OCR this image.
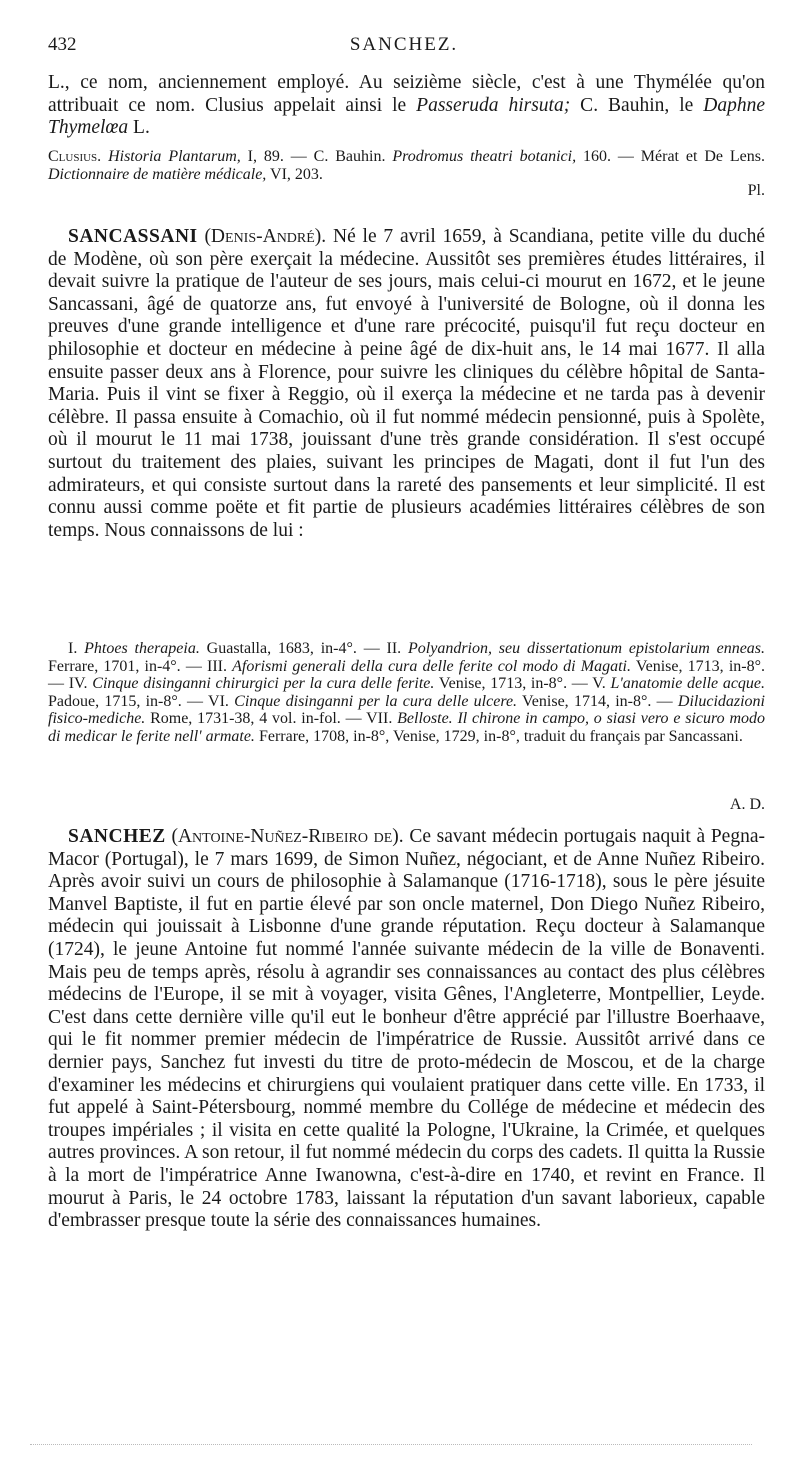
432	SANCHEZ.
L., ce nom, anciennement employé. Au seizième siècle, c'est à une Thymélée qu'on attribuait ce nom. Clusius appelait ainsi le Passeruda hirsuta; C. Bauhin, le Daphne Thymelœa L.
Clusius. Historia Plantarum, I, 89. — C. Bauhin. Prodromus theatri botanici, 160. — Mérat et De Lens. Dictionnaire de matière médicale, VI, 203.
Pl.
SANCASSANI (Denis-André). Né le 7 avril 1659, à Scandiana, petite ville du duché de Modène, où son père exerçait la médecine. Aussitôt ses premières études littéraires, il devait suivre la pratique de l'auteur de ses jours, mais celui-ci mourut en 1672, et le jeune Sancassani, âgé de quatorze ans, fut envoyé à l'université de Bologne, où il donna les preuves d'une grande intelligence et d'une rare précocité, puisqu'il fut reçu docteur en philosophie et docteur en médecine à peine âgé de dix-huit ans, le 14 mai 1677. Il alla ensuite passer deux ans à Florence, pour suivre les cliniques du célèbre hôpital de Santa-Maria. Puis il vint se fixer à Reggio, où il exerça la médecine et ne tarda pas à devenir célèbre. Il passa ensuite à Comachio, où il fut nommé médecin pensionné, puis à Spolète, où il mourut le 11 mai 1738, jouissant d'une très grande considération. Il s'est occupé surtout du traitement des plaies, suivant les principes de Magati, dont il fut l'un des admirateurs, et qui consiste surtout dans la rareté des pansements et leur simplicité. Il est connu aussi comme poëte et fit partie de plusieurs académies littéraires célèbres de son temps. Nous connaissons de lui :
I. Phtoes therapeia. Guastalla, 1683, in-4°. — II. Polyandrion, seu dissertationum epistolarium enneas. Ferrare, 1701, in-4°. — III. Aforismi generali della cura delle ferite col modo di Magati. Venise, 1713, in-8°. — IV. Cinque disinganni chirurgici per la cura delle ferite. Venise, 1713, in-8°. — V. L'anatomie delle acque. Padoue, 1715, in-8°. — VI. Cinque disinganni per la cura delle ulcere. Venise, 1714, in-8°. — Dilucidazioni fisico-mediche. Rome, 1731-38, 4 vol. in-fol. — VII. Belloste. Il chirone in campo, o siasi vero e sicuro modo di medicar le ferite nell' armate. Ferrare, 1708, in-8°, Venise, 1729, in-8°, traduit du français par Sancassani.
A. D.
SANCHEZ (Antoine-Nuñez-Ribeiro de). Ce savant médecin portugais naquit à Pegna-Macor (Portugal), le 7 mars 1699, de Simon Nuñez, négociant, et de Anne Nuñez Ribeiro. Après avoir suivi un cours de philosophie à Salamanque (1716-1718), sous le père jésuite Manvel Baptiste, il fut en partie élevé par son oncle maternel, Don Diego Nuñez Ribeiro, médecin qui jouissait à Lisbonne d'une grande réputation. Reçu docteur à Salamanque (1724), le jeune Antoine fut nommé l'année suivante médecin de la ville de Bonaventi. Mais peu de temps après, résolu à agrandir ses connaissances au contact des plus célèbres médecins de l'Europe, il se mit à voyager, visita Gênes, l'Angleterre, Montpellier, Leyde. C'est dans cette dernière ville qu'il eut le bonheur d'être apprécié par l'illustre Boerhaave, qui le fit nommer premier médecin de l'impératrice de Russie. Aussitôt arrivé dans ce dernier pays, Sanchez fut investi du titre de proto-médecin de Moscou, et de la charge d'examiner les médecins et chirurgiens qui voulaient pratiquer dans cette ville. En 1733, il fut appelé à Saint-Pétersbourg, nommé membre du Collége de médecine et médecin des troupes impériales ; il visita en cette qualité la Pologne, l'Ukraine, la Crimée, et quelques autres provinces. A son retour, il fut nommé médecin du corps des cadets. Il quitta la Russie à la mort de l'impératrice Anne Iwanowna, c'est-à-dire en 1740, et revint en France. Il mourut à Paris, le 24 octobre 1783, laissant la réputation d'un savant laborieux, capable d'embrasser presque toute la série des connaissances humaines.
